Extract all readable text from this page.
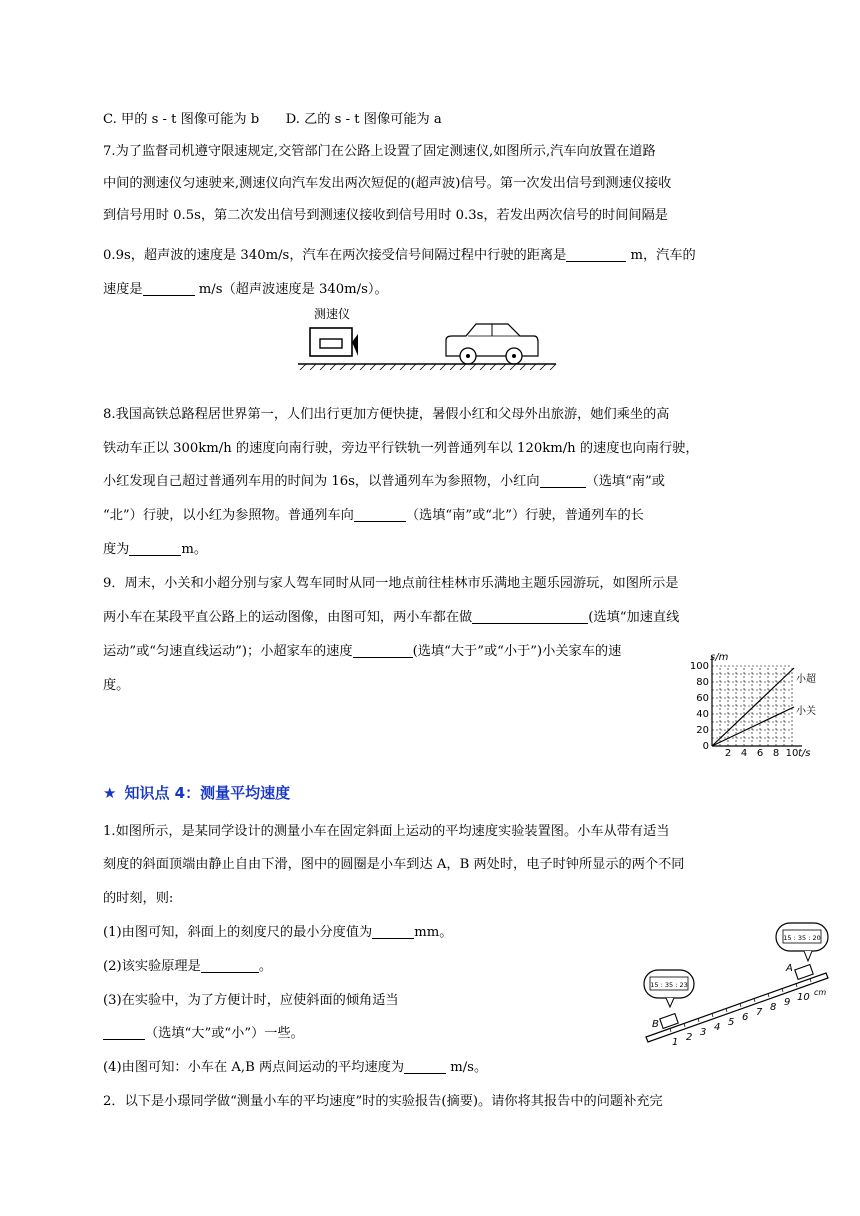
C. 甲的 s - t 图像可能为 b　　D. 乙的 s - t 图像可能为 a
7.为了监督司机遵守限速规定,交管部门在公路上设置了固定测速仪,如图所示,汽车向放置在道路
中间的测速仪匀速驶来,测速仪向汽车发出两次短促的(超声波)信号。第一次发出信号到测速仪接收
到信号用时 0.5s，第二次发出信号到测速仪接收到信号用时 0.3s，若发出两次信号的时间间隔是
0.9s，超声波的速度是 340m/s，汽车在两次接受信号间隔过程中行驶的距离是	m，汽车的
速度是	m/s（超声波速度是 340m/s）。
测速仪
8.我国高铁总路程居世界第一，人们出行更加方便快捷，暑假小红和父母外出旅游，她们乘坐的高
铁动车正以 300km/h 的速度向南行驶，旁边平行铁轨一列普通列车以 120km/h 的速度也向南行驶，
小红发现自己超过普通列车用的时间为 16s，以普通列车为参照物，小红向	（选填“南”或
“北”）行驶，以小红为参照物。普通列车向	（选填“南”或“北”）行驶，普通列车的长
度为	m。
9．周末，小关和小超分别与家人驾车同时从同一地点前往桂林市乐满地主题乐园游玩，如图所示是
两小车在某段平直公路上的运动图像，由图可知，两小车都在做	(选填“加速直线
运动”或“匀速直线运动”)；小超家车的速度	(选填“大于”或“小于”)小关家车的速
度。	小超
小关
100
80
60
40
20
0
2 4 6 8 10
s/m
t/s
★ 知识点 4：测量平均速度
1.如图所示，是某同学设计的测量小车在固定斜面上运动的平均速度实验装置图。小车从带有适当
刻度的斜面顶端由静止自由下滑，图中的圆圈是小车到达 A，B 两处时，电子时钟所显示的两个不同
的时刻，则:
(1)由图可知，斜面上的刻度尺的最小分度值为	mm。
(2)该实验原理是	。
(3)在实验中，为了方便计时，应使斜面的倾角适当
（选填“大”或“小”）一些。
(4)由图可知：小车在 A,B 两点间运动的平均速度为	m/s。
2．以下是小璟同学做“测量小车的平均速度”时的实验报告(摘要)。请你将其报告中的问题补充完
15 : 35 : 20
15 : 35 : 23
A
B
1 2 3 4 5 6 7 8 9 10 cm
